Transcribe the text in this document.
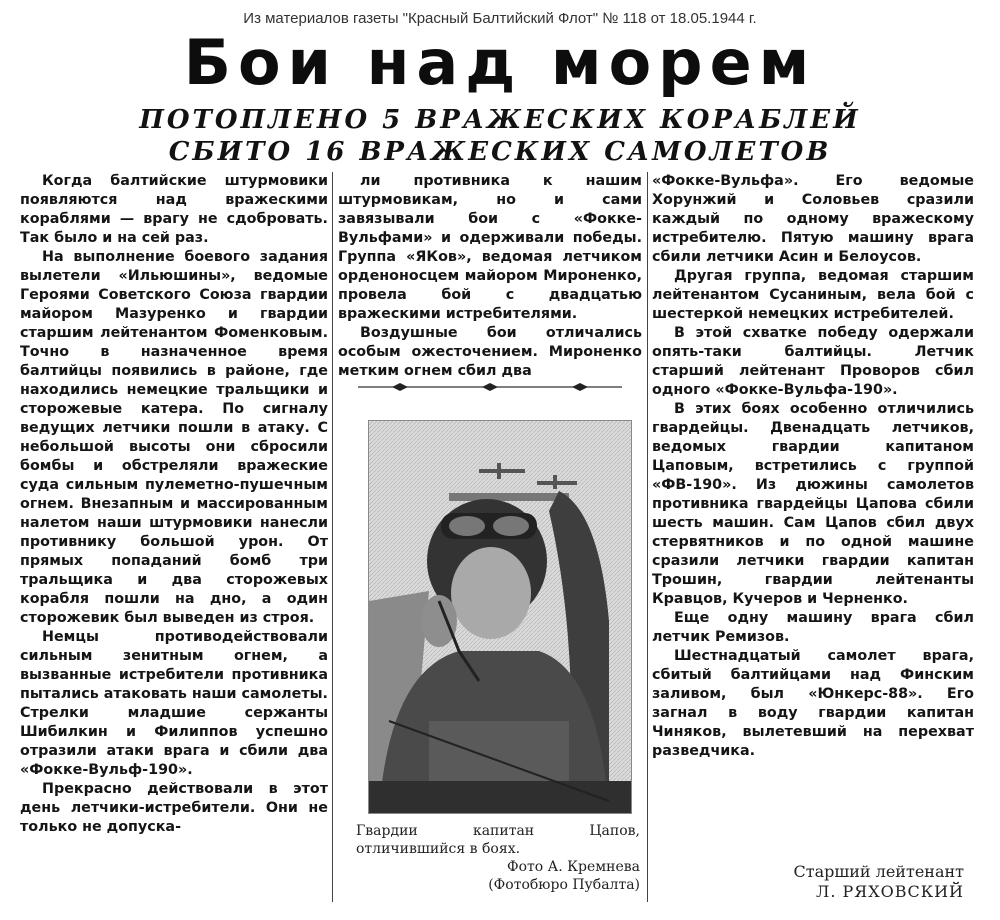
Из материалов газеты "Красный Балтийский Флот" № 118 от 18.05.1944 г.
Бои над морем
ПОТОПЛЕНО 5 ВРАЖЕСКИХ КОРАБЛЕЙ
СБИТО 16 ВРАЖЕСКИХ САМОЛЕТОВ

Когда балтийские штурмовики появляются над вражескими кораблями — врагу не сдобровать. Так было и на сей раз.

На выполнение боевого задания вылетели «Ильюшины», ведомые Героями Советского Союза гвардии майором Мазуренко и гвардии старшим лейтенантом Фоменковым. Точно в назначенное время балтийцы появились в районе, где находились немецкие тральщики и сторожевые катера. По сигналу ведущих летчики пошли в атаку. С небольшой высоты они сбросили бомбы и обстреляли вражеские суда сильным пулеметно-пушечным огнем. Внезапным и массированным налетом наши штурмовики нанесли противнику большой урон. От прямых попаданий бомб три тральщика и два сторожевых корабля пошли на дно, а один сторожевик был выведен из строя.

Немцы противодействовали сильным зенитным огнем, а вызванные истребители противника пытались атаковать наши самолеты. Стрелки младшие сержанты Шибилкин и Филиппов успешно отразили атаки врага и сбили два «Фокке-Вульф-190».

Прекрасно действовали в этот день летчики-истребители. Они не только не допуска-

ли противника к нашим штурмовикам, но и сами завязывали бои с «Фокке-Вульфами» и одерживали победы. Группа «ЯКов», ведомая летчиком орденоносцем майором Мироненко, провела бой с двадцатью вражескими истребителями.

Воздушные бои отличались особым ожесточением. Мироненко метким огнем сбил два

Гвардии капитан Цапов, отличившийся в боях.
Фото А. Кремнева
(Фотобюро Пубалта)

«Фокке-Вульфа». Его ведомые Хорунжий и Соловьев сразили каждый по одному вражескому истребителю. Пятую машину врага сбили летчики Асин и Белоусов.

Другая группа, ведомая старшим лейтенантом Сусаниным, вела бой с шестеркой немецких истребителей.

В этой схватке победу одержали опять-таки балтийцы. Летчик старший лейтенант Проворов сбил одного «Фокке-Вульфа-190».

В этих боях особенно отличились гвардейцы. Двенадцать летчиков, ведомых гвардии капитаном Цаповым, встретились с группой «ФВ-190». Из дюжины самолетов противника гвардейцы Цапова сбили шесть машин. Сам Цапов сбил двух стервятников и по одной машине сразили летчики гвардии капитан Трошин, гвардии лейтенанты Кравцов, Кучеров и Черненко.

Еще одну машину врага сбил летчик Ремизов.

Шестнадцатый самолет врага, сбитый балтийцами над Финским заливом, был «Юнкерс-88». Его загнал в воду гвардии капитан Чиняков, вылетевший на перехват разведчика.

Старший лейтенант
Л. РЯХОВСКИЙ
